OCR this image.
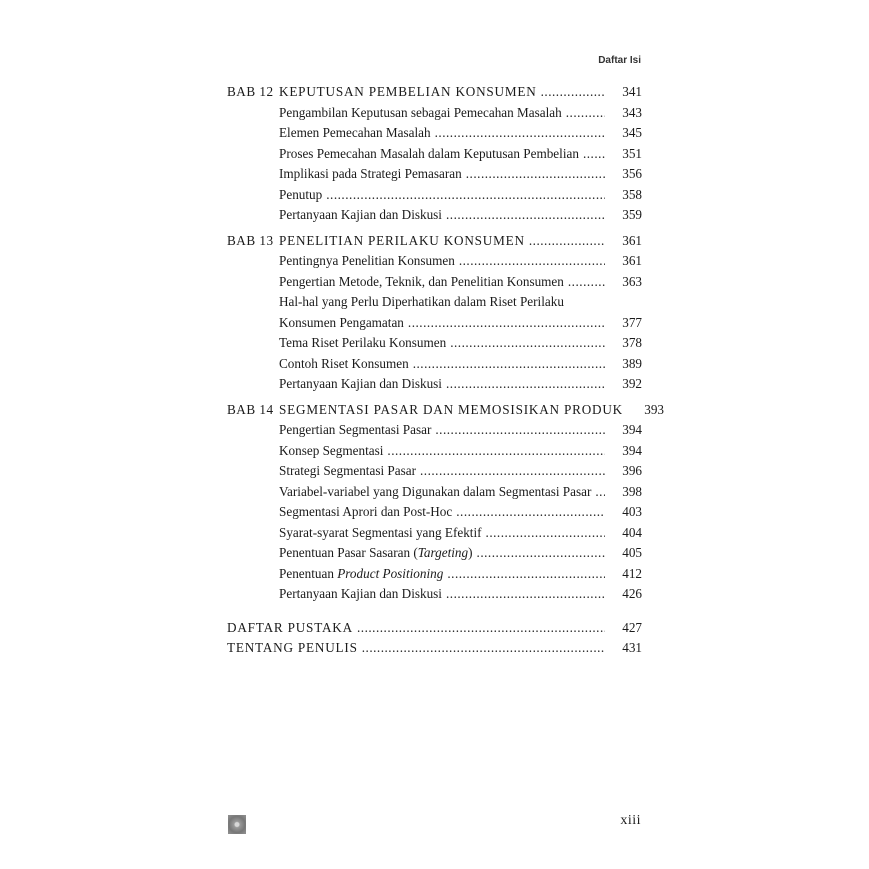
Daftar Isi
BAB 12 KEPUTUSAN PEMBELIAN KONSUMEN .....	341
Pengambilan Keputusan sebagai Pemecahan Masalah .....	343
Elemen Pemecahan Masalah .....	345
Proses Pemecahan Masalah dalam Keputusan Pembelian .....	351
Implikasi pada Strategi Pemasaran .....	356
Penutup .....	358
Pertanyaan Kajian dan Diskusi .....	359
BAB 13 PENELITIAN PERILAKU KONSUMEN .....	361
Pentingnya Penelitian Konsumen .....	361
Pengertian Metode, Teknik, dan Penelitian Konsumen .....	363
Hal-hal yang Perlu Diperhatikan dalam Riset Perilaku
Konsumen Pengamatan .....	377
Tema Riset Perilaku Konsumen .....	378
Contoh Riset Konsumen .....	389
Pertanyaan Kajian dan Diskusi .....	392
BAB 14 SEGMENTASI PASAR DAN MEMOSISIKAN PRODUK 393
Pengertian Segmentasi Pasar .....	394
Konsep Segmentasi .....	394
Strategi Segmentasi Pasar .....	396
Variabel-variabel yang Digunakan dalam Segmentasi Pasar ..... 398
Segmentasi Aprori dan Post-Hoc .....	403
Syarat-syarat Segmentasi yang Efektif .....	404
Penentuan Pasar Sasaran (Targeting) .....	405
Penentuan Product Positioning .....	412
Pertanyaan Kajian dan Diskusi .....	426
DAFTAR PUSTAKA .....	427
TENTANG PENULIS .....	431
xiii
